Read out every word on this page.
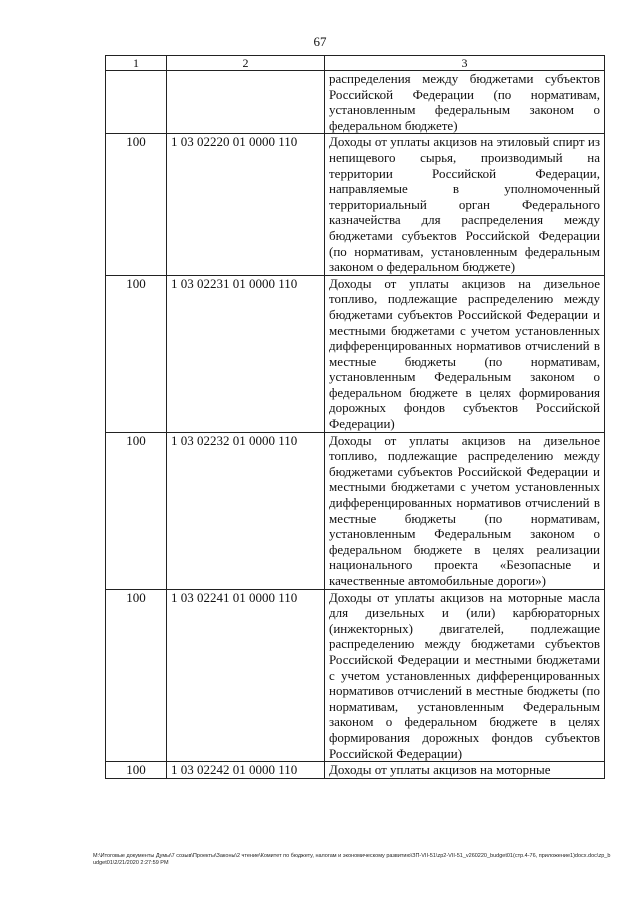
67
1	2	3
		распределения между бюджетами субъектов Российской Федерации (по нормативам, установленным федеральным законом о федеральном бюджете)
100	1 03 02220 01 0000 110	Доходы от уплаты акцизов на этиловый спирт из непищевого сырья, производимый на территории Российской Федерации, направляемые в уполномоченный территориальный орган Федерального казначейства для распределения между бюджетами субъектов Российской Федерации (по нормативам, установленным федеральным законом о федеральном бюджете)
100	1 03 02231 01 0000 110	Доходы от уплаты акцизов на дизельное топливо, подлежащие распределению между бюджетами субъектов Российской Федерации и местными бюджетами с учетом установленных дифференцированных нормативов отчислений в местные бюджеты (по нормативам, установленным Федеральным законом о федеральном бюджете в целях формирования дорожных фондов субъектов Российской Федерации)
100	1 03 02232 01 0000 110	Доходы от уплаты акцизов на дизельное топливо, подлежащие распределению между бюджетами субъектов Российской Федерации и местными бюджетами с учетом установленных дифференцированных нормативов отчислений в местные бюджеты (по нормативам, установленным Федеральным законом о федеральном бюджете в целях реализации национального проекта «Безопасные и качественные автомобильные дороги»)
100	1 03 02241 01 0000 110	Доходы от уплаты акцизов на моторные масла для дизельных и (или) карбюраторных (инжекторных) двигателей, подлежащие распределению между бюджетами субъектов Российской Федерации и местными бюджетами с учетом установленных дифференцированных нормативов отчислений в местные бюджеты (по нормативам, установленным Федеральным законом о федеральном бюджете в целях формирования дорожных фондов субъектов Российской Федерации)
100	1 03 02242 01 0000 110	Доходы от уплаты акцизов на моторные
M:\Итоговые документы Думы\7 созыв\Проекты\Законы\2 чтение\Комитет по бюджету, налогам и экономическому развитию\ЗП-VII-51\zp2-VII-51_v260220_budget01(стр.4-76, приложение1)docx.doc\zp_budget01\2/21/2020 2:27:59 PM
